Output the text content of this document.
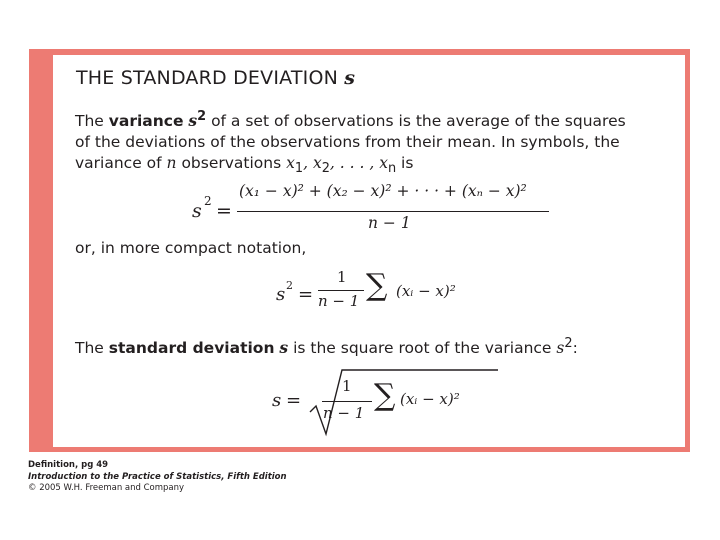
THE STANDARD DEVIATION s
The variance $s^2$ of a set of observations is the average of the squares
of the deviations of the observations from their mean. In symbols, the
variance of n observations $x_1$, $x_2$, . . . , $x_n$ is
s 2 =
(x₁ − x)² + (x₂ − x)² + · · · + (xₙ − x)²
n − 1
or, in more compact notation,
s 2 =
1
n − 1 ∑ (xᵢ − x)²
The standard deviation s is the square root of the variance $s^2$:
s =
1
n − 1 ∑ (xᵢ − x)²
Definition, pg 49
Introduction to the Practice of Statistics, Fifth Edition
© 2005 W.H. Freeman and Company
